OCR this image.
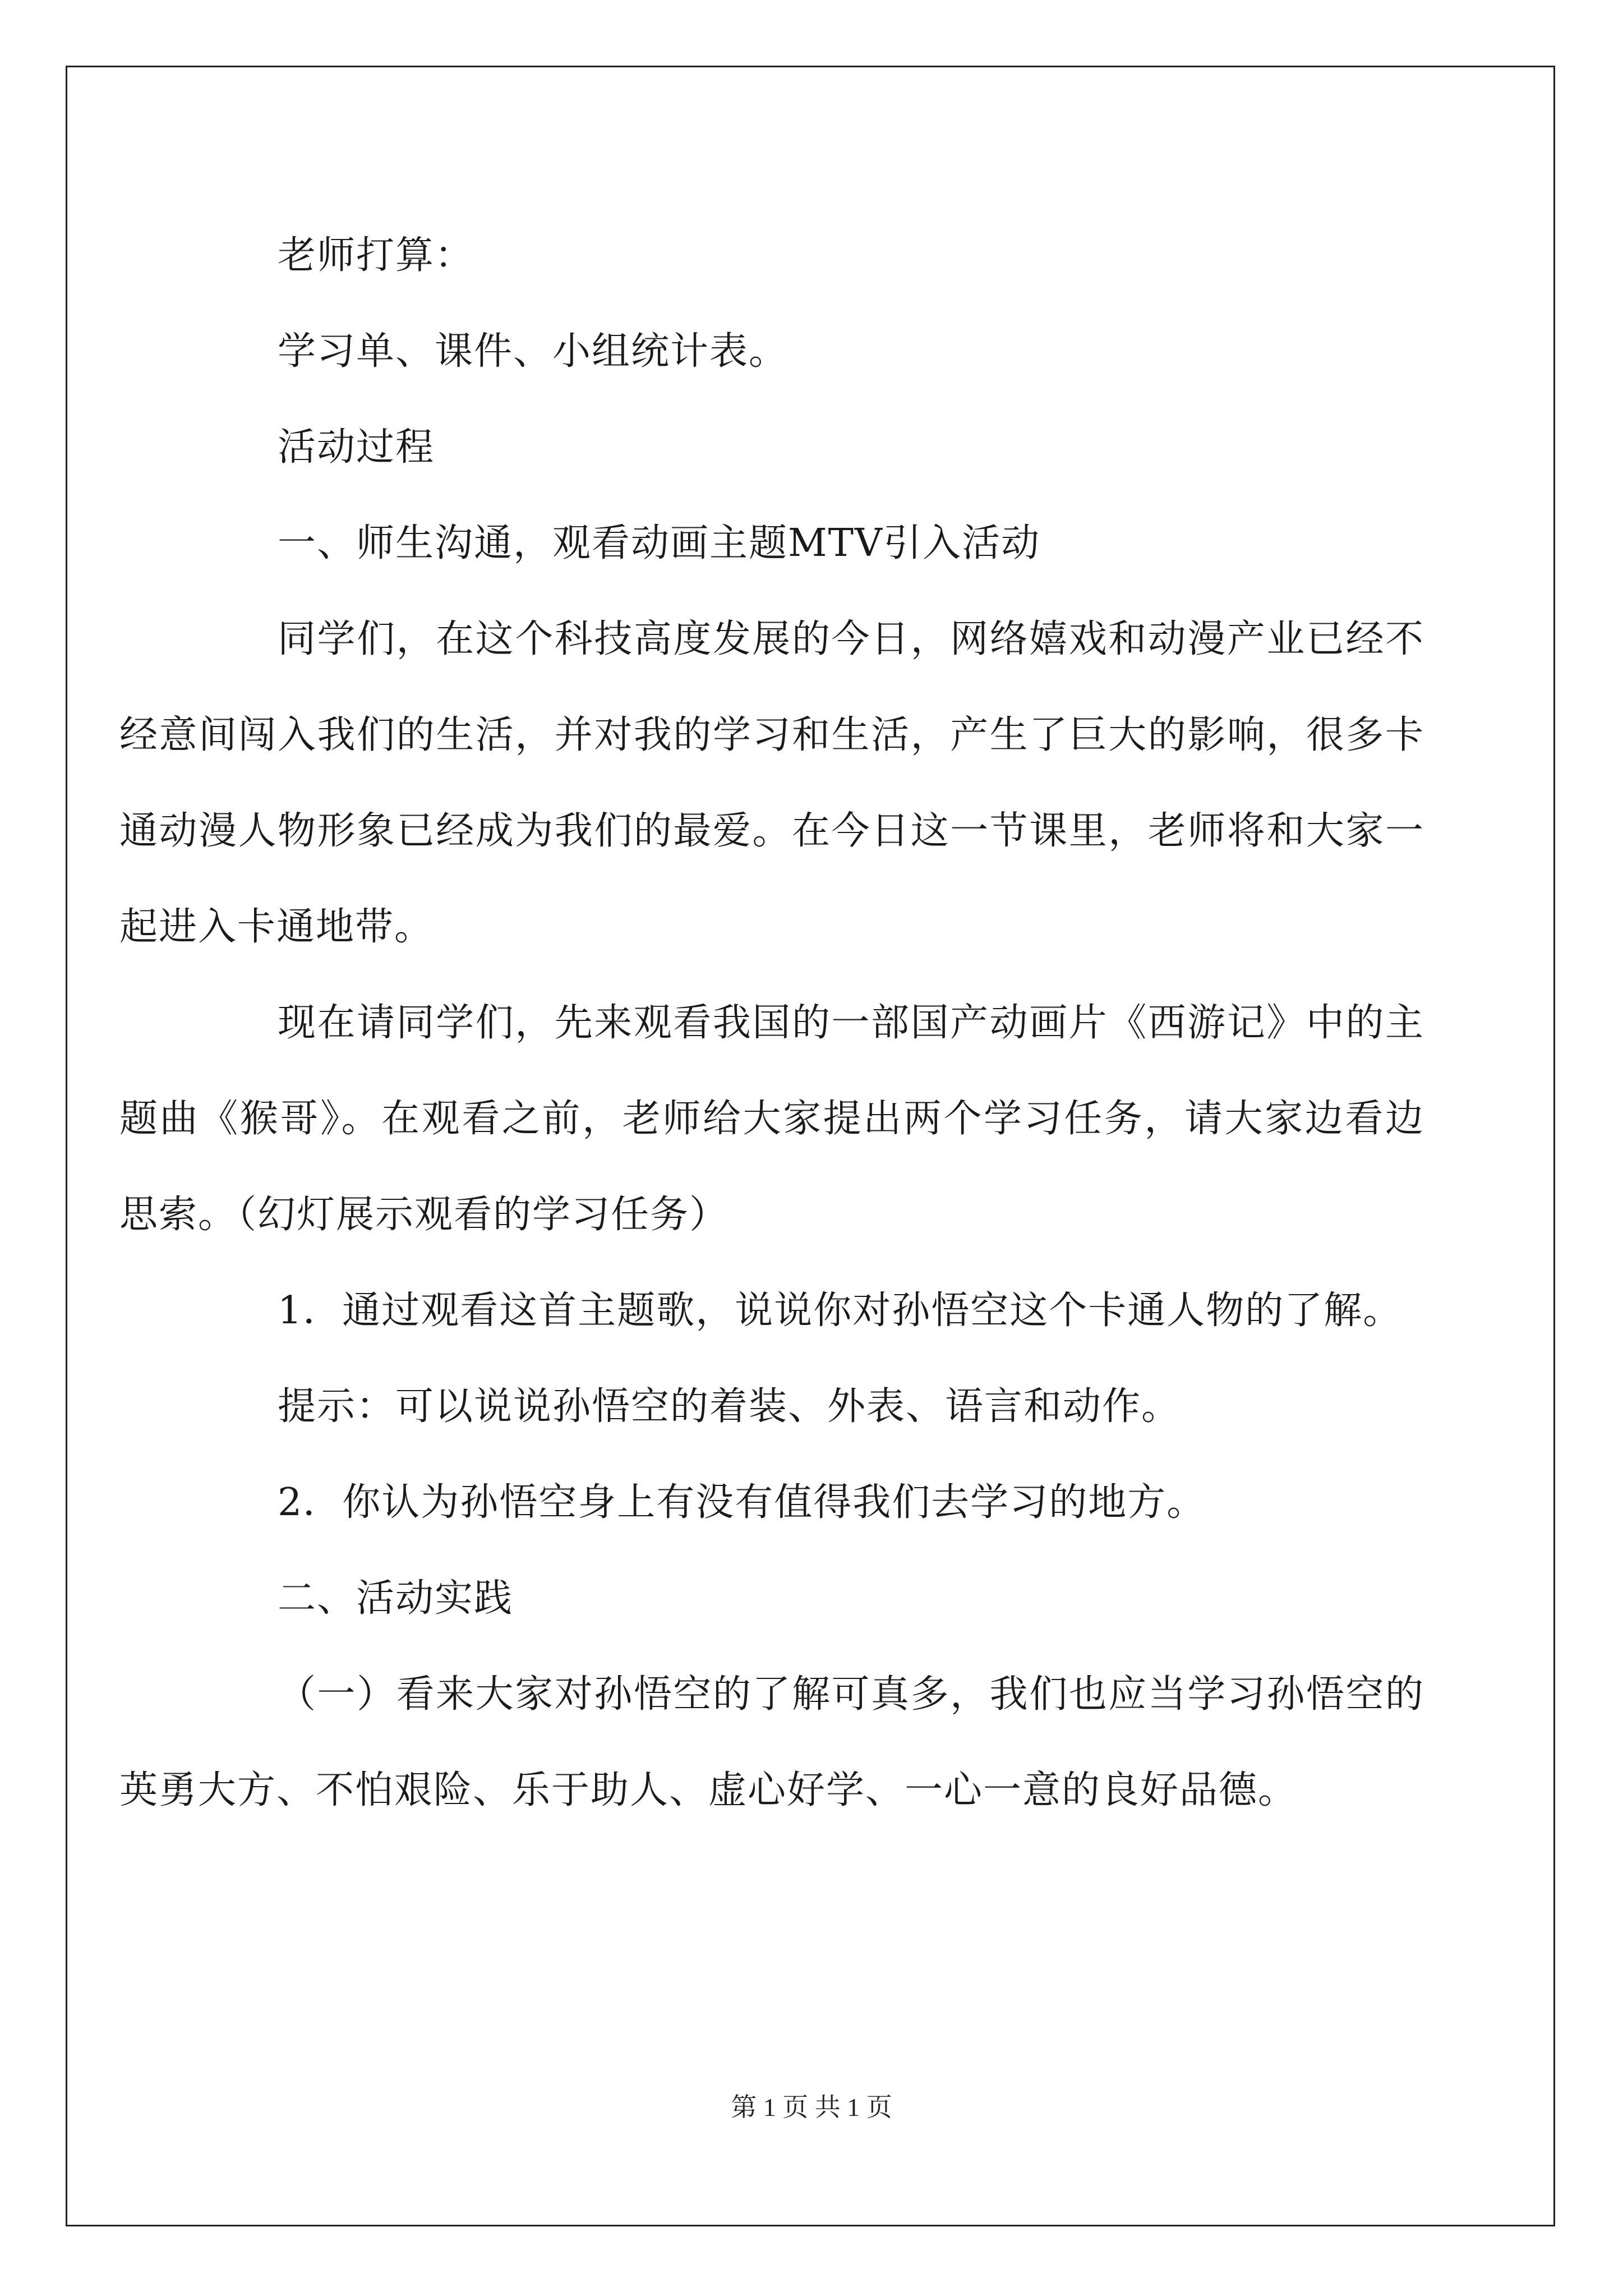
老师打算：

学习单、课件、小组统计表。

活动过程

一、师生沟通，观看动画主题MTV引入活动

同学们，在这个科技高度发展的今日，网络嬉戏和动漫产业已经不经意间闯入我们的生活，并对我的学习和生活，产生了巨大的影响，很多卡通动漫人物形象已经成为我们的最爱。在今日这一节课里，老师将和大家一起进入卡通地带。

现在请同学们，先来观看我国的一部国产动画片《西游记》中的主题曲《猴哥》。在观看之前，老师给大家提出两个学习任务，请大家边看边思索。（幻灯展示观看的学习任务）

1．通过观看这首主题歌，说说你对孙悟空这个卡通人物的了解。

提示：可以说说孙悟空的着装、外表、语言和动作。

2．你认为孙悟空身上有没有值得我们去学习的地方。

二、活动实践

（一）看来大家对孙悟空的了解可真多，我们也应当学习孙悟空的英勇大方、不怕艰险、乐于助人、虚心好学、一心一意的良好品德。

第 1 页 共 1 页
